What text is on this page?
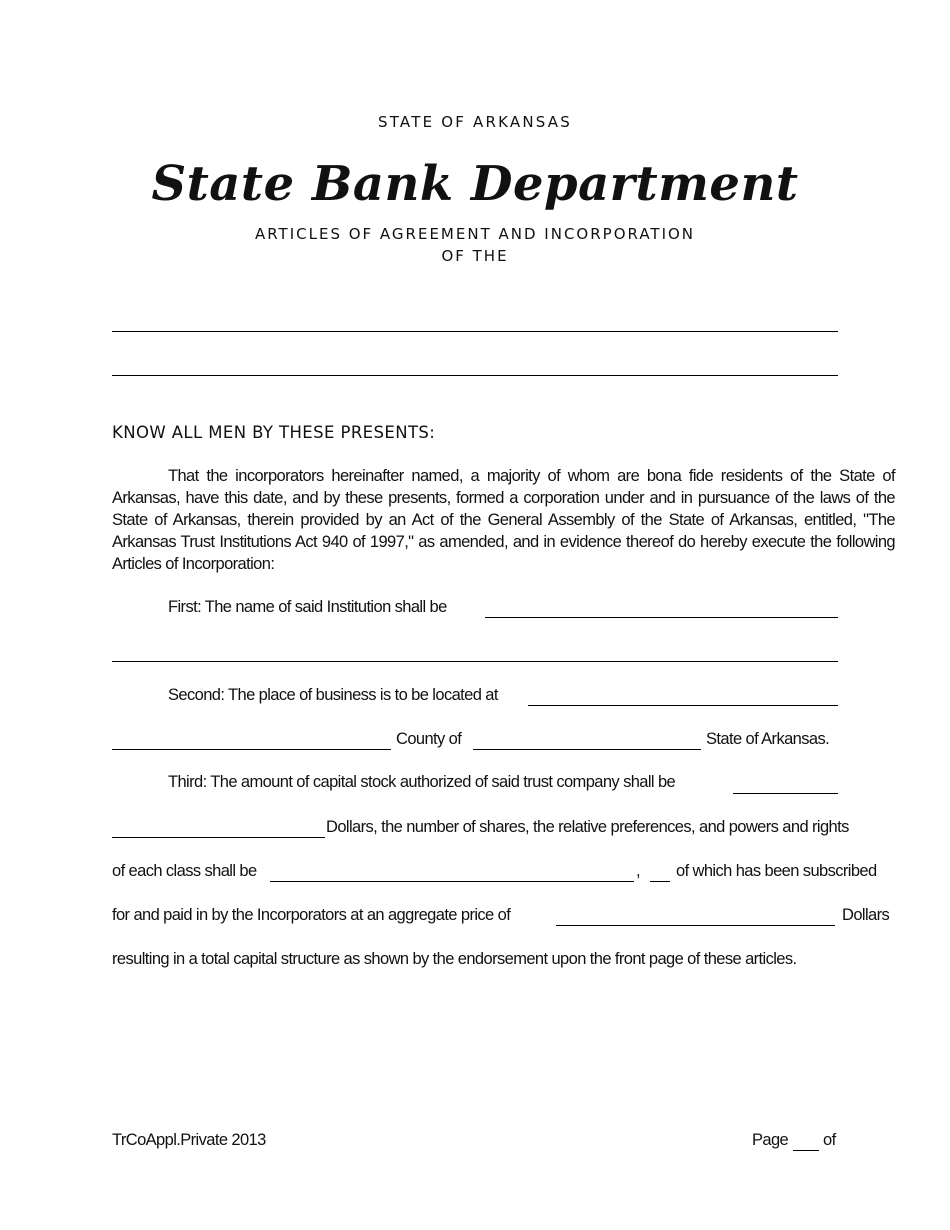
STATE OF ARKANSAS
State Bank Department
ARTICLES OF AGREEMENT AND INCORPORATION
OF THE
KNOW ALL MEN BY THESE PRESENTS:
That the incorporators hereinafter named, a majority of whom are bona fide residents of the State of Arkansas, have this date, and by these presents, formed a corporation under and in pursuance of the laws of the State of Arkansas, therein provided by an Act of the General Assembly of the State of Arkansas, entitled, "The Arkansas Trust Institutions Act 940 of 1997," as amended, and in evidence thereof do hereby execute the following Articles of Incorporation:
First: The name of said Institution shall be
Second: The place of business is to be located at
County of	State of Arkansas.
Third: The amount of capital stock authorized of said trust company shall be
Dollars, the number of shares, the relative preferences, and powers and rights
of each class shall be	, of which has been subscribed
for and paid in by the Incorporators at an aggregate price of	Dollars
resulting in a total capital structure as shown by the endorsement upon the front page of these articles.
TrCoAppl.Private 2013	Page of
